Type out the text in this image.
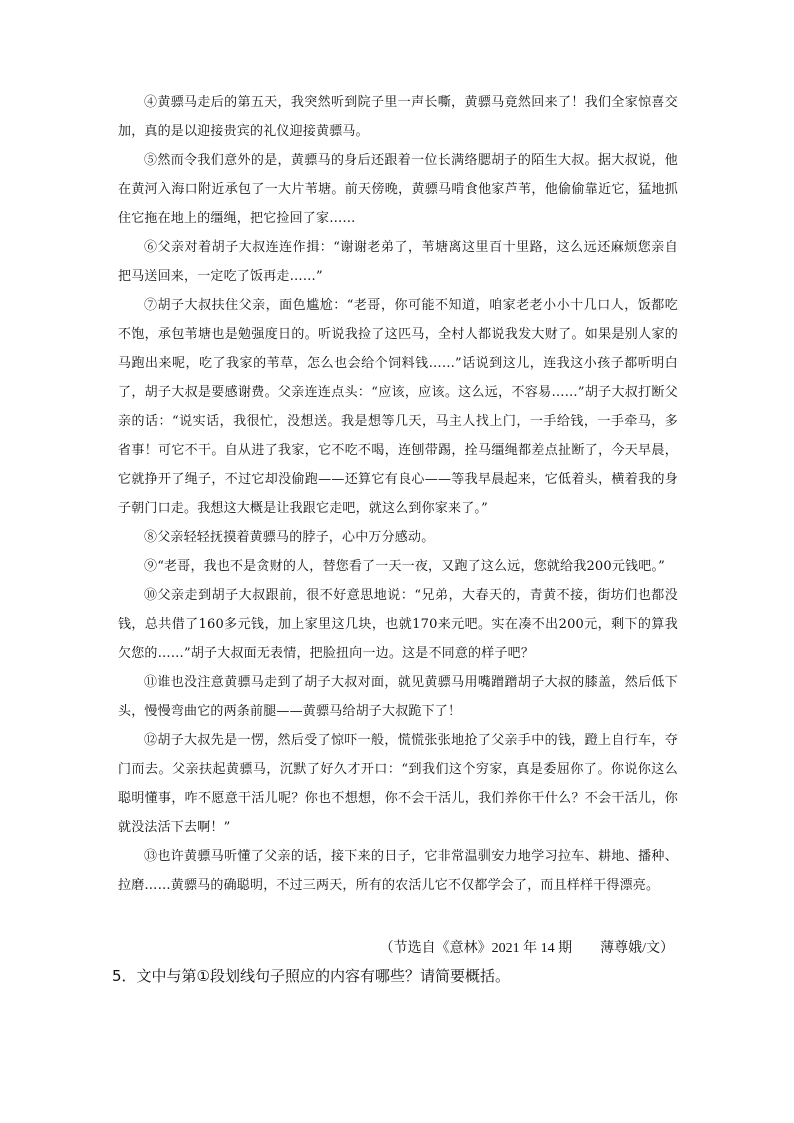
④黄骠马走后的第五天，我突然听到院子里一声长嘶，黄骠马竟然回来了！我们全家惊喜交加，真的是以迎接贵宾的礼仪迎接黄骠马。

⑤然而令我们意外的是，黄骠马的身后还跟着一位长满络腮胡子的陌生大叔。据大叔说，他在黄河入海口附近承包了一大片苇塘。前天傍晚，黄骠马啃食他家芦苇，他偷偷靠近它，猛地抓住它拖在地上的缰绳，把它捡回了家……

⑥父亲对着胡子大叔连连作揖：“谢谢老弟了，苇塘离这里百十里路，这么远还麻烦您亲自把马送回来，一定吃了饭再走……”

⑦胡子大叔扶住父亲，面色尴尬：“老哥，你可能不知道，咱家老老小小十几口人，饭都吃不饱，承包苇塘也是勉强度日的。听说我捡了这匹马，全村人都说我发大财了。如果是别人家的马跑出来呢，吃了我家的苇草，怎么也会给个饲料钱……”话说到这儿，连我这小孩子都听明白了，胡子大叔是要感谢费。父亲连连点头：“应该，应该。这么远，不容易……”胡子大叔打断父亲的话：“说实话，我很忙，没想送。我是想等几天，马主人找上门，一手给钱，一手牵马，多省事！可它不干。自从进了我家，它不吃不喝，连刨带踢，拴马缰绳都差点扯断了，今天早晨，它就挣开了绳子，不过它却没偷跑——还算它有良心——等我早晨起来，它低着头，横着我的身子朝门口走。我想这大概是让我跟它走吧，就这么到你家来了。”

⑧父亲轻轻抚摸着黄骠马的脖子，心中万分感动。

⑨“老哥，我也不是贪财的人，替您看了一天一夜，又跑了这么远，您就给我200元钱吧。”

⑩父亲走到胡子大叔跟前，很不好意思地说：“兄弟，大春天的，青黄不接，街坊们也都没钱，总共借了160多元钱，加上家里这几块，也就170来元吧。实在凑不出200元，剩下的算我欠您的……”胡子大叔面无表情，把脸扭向一边。这是不同意的样子吧？

⑪谁也没注意黄骠马走到了胡子大叔对面，就见黄骠马用嘴蹭蹭胡子大叔的膝盖，然后低下头，慢慢弯曲它的两条前腿——黄骠马给胡子大叔跪下了！

⑫胡子大叔先是一愣，然后受了惊吓一般，慌慌张张地抢了父亲手中的钱，蹬上自行车，夺门而去。父亲扶起黄骠马，沉默了好久才开口：“到我们这个穷家，真是委屈你了。你说你这么聪明懂事，咋不愿意干活儿呢？你也不想想，你不会干活儿，我们养你干什么？不会干活儿，你就没法活下去啊！”

⑬也许黄骠马听懂了父亲的话，接下来的日子，它非常温驯安力地学习拉车、耕地、播种、拉磨……黄骠马的确聪明，不过三两天，所有的农活儿它不仅都学会了，而且样样干得漂亮。

（节选自《意林》2021 年 14 期　　薄尊娥/文）
5．文中与第①段划线句子照应的内容有哪些？请简要概括。
